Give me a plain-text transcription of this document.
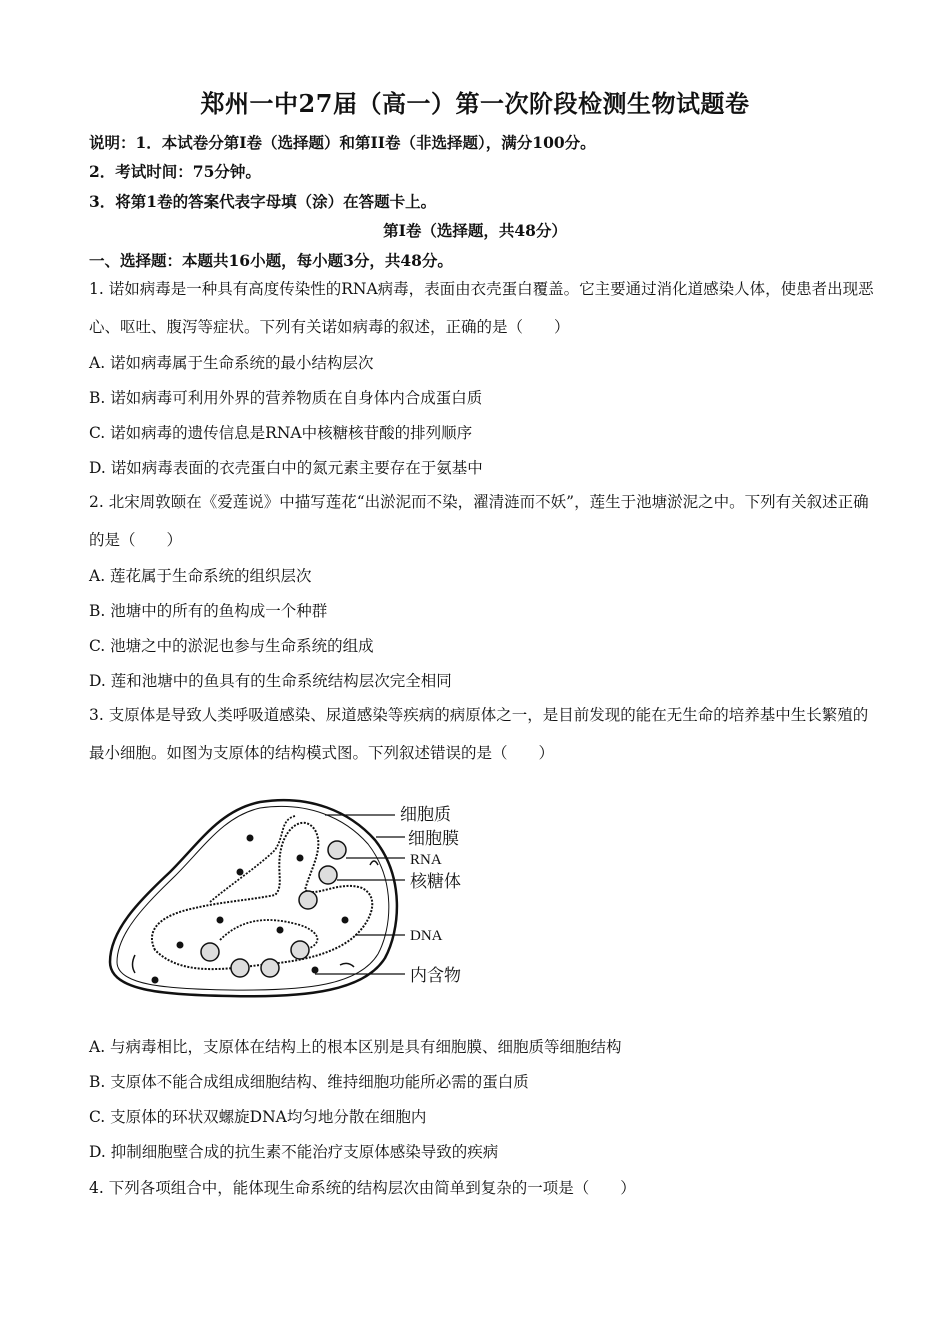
郑州一中27届（高一）第一次阶段检测生物试题卷
说明：1．本试卷分第I卷（选择题）和第II卷（非选择题），满分100分。
2．考试时间：75分钟。
3．将第1卷的答案代表字母填（涂）在答题卡上。
第I卷（选择题，共48分）
一、选择题：本题共16小题，每小题3分，共48分。
1. 诺如病毒是一种具有高度传染性的RNA病毒，表面由衣壳蛋白覆盖。它主要通过消化道感染人体，使患者出现恶心、呕吐、腹泻等症状。下列有关诺如病毒的叙述，正确的是（　　）
A. 诺如病毒属于生命系统的最小结构层次
B. 诺如病毒可利用外界的营养物质在自身体内合成蛋白质
C. 诺如病毒的遗传信息是RNA中核糖核苷酸的排列顺序
D. 诺如病毒表面的衣壳蛋白中的氮元素主要存在于氨基中
2. 北宋周敦颐在《爱莲说》中描写莲花“出淤泥而不染，濯清涟而不妖”，莲生于池塘淤泥之中。下列有关叙述正确的是（　　）
A. 莲花属于生命系统的组织层次
B. 池塘中的所有的鱼构成一个种群
C. 池塘之中的淤泥也参与生命系统的组成
D. 莲和池塘中的鱼具有的生命系统结构层次完全相同
3. 支原体是导致人类呼吸道感染、尿道感染等疾病的病原体之一，是目前发现的能在无生命的培养基中生长繁殖的最小细胞。如图为支原体的结构模式图。下列叙述错误的是（　　）
细胞质
细胞膜
RNA
核糖体
DNA
内含物
A. 与病毒相比，支原体在结构上的根本区别是具有细胞膜、细胞质等细胞结构
B. 支原体不能合成组成细胞结构、维持细胞功能所必需的蛋白质
C. 支原体的环状双螺旋DNA均匀地分散在细胞内
D. 抑制细胞壁合成的抗生素不能治疗支原体感染导致的疾病
4. 下列各项组合中，能体现生命系统的结构层次由简单到复杂的一项是（　　）
